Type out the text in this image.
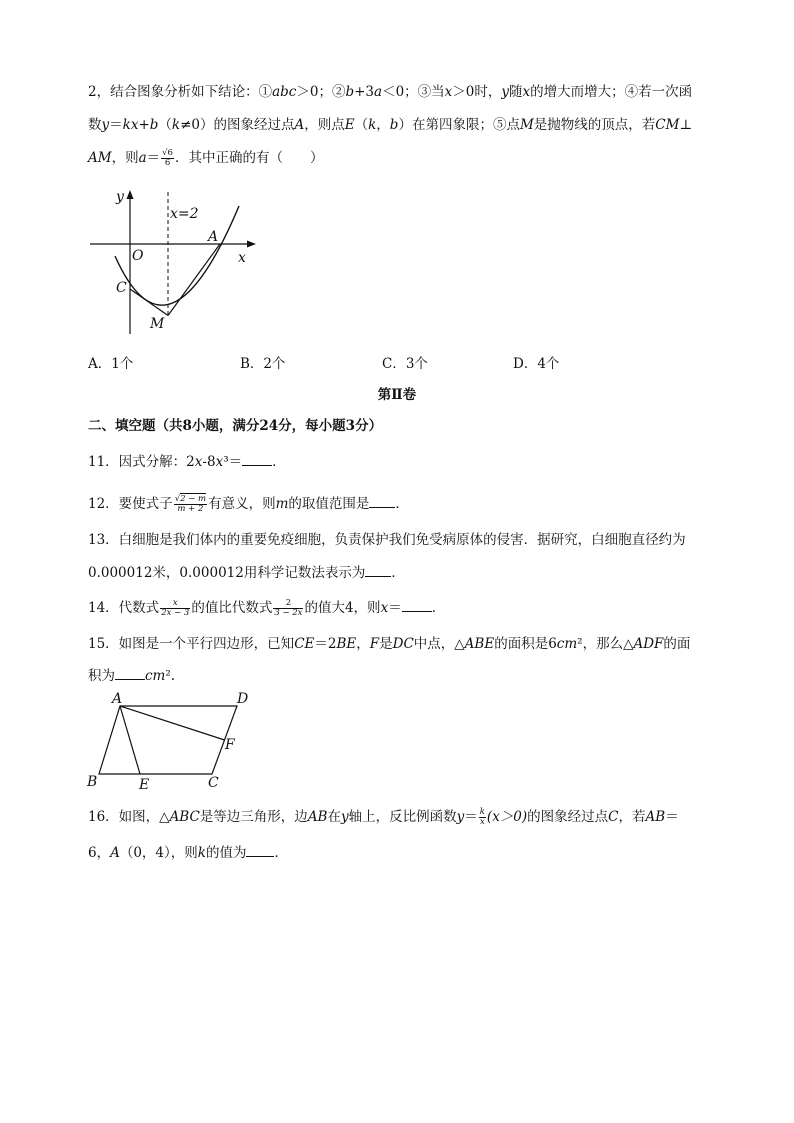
2，结合图象分析如下结论：①abc＞0；②b+3a＜0；③当x＞0时，y随x的增大而增大；④若一次函
数y＝kx+b（k≠0）的图象经过点A，则点E（k，b）在第四象限；⑤点M是抛物线的顶点，若CM⊥
AM，则$a= \frac{√6}{6}$ ．其中正确的有（　　）
y
x
O
x=2
A
C
M
A．1个	B．2个	C．3个	D．4个
第Ⅱ卷
二、填空题（共8小题，满分24分，每小题3分）
11．因式分解：2x-8x³＝ ．
12．要使式子 $\frac{√2 - m}{m + 2}$ 有意义，则m的取值范围是 ．
13．白细胞是我们体内的重要免疫细胞，负责保护我们免受病原体的侵害．据研究，白细胞直径约为
0.000012米，0.000012用科学记数法表示为 ．
14．代数式 $\frac{x}{2x - 3}$ 的值比代数式 $\frac{2}{3 - 2x}$ 的值大4，则x＝ ．
15．如图是一个平行四边形，已知CE＝2BE，F是DC中点，△ABE的面积是6cm²，那么△ADF的面
积为 cm².
A	D
F
B	E	C
16．如图，△ABC是等边三角形，边AB在y轴上，反比例函数$y= \frac{k}{x} (x>0)$的图象经过点C，若AB＝
6，A（0，4），则k的值为 ．
